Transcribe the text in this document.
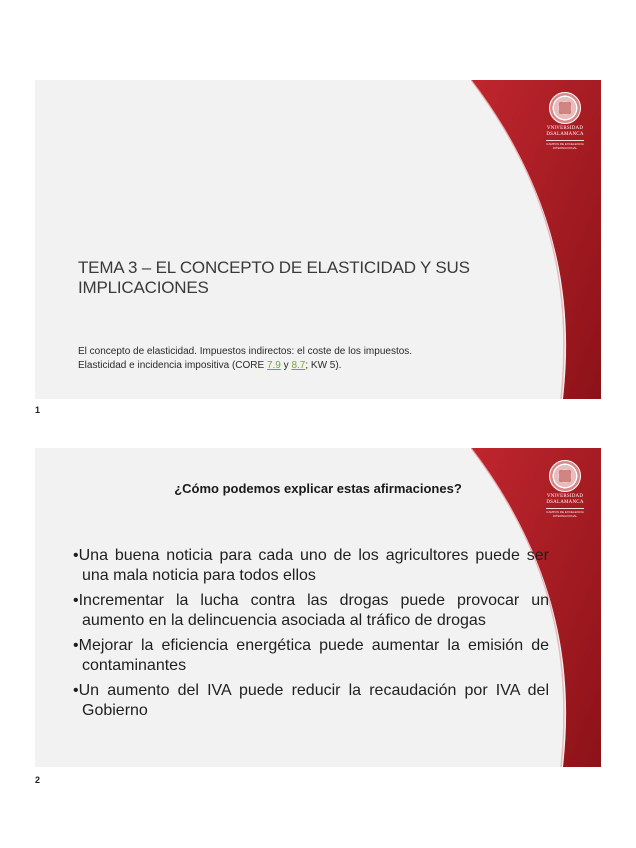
VNIVERSIDAD
DSALAMANCA
CAMPUS DE EXCELENCIA INTERNACIONAL
TEMA 3 – EL CONCEPTO DE ELASTICIDAD Y SUS IMPLICACIONES
El concepto de elasticidad. Impuestos indirectos: el coste de los impuestos.
Elasticidad e incidencia impositiva (CORE 7.9 y 8.7; KW 5).
1
VNIVERSIDAD
DSALAMANCA
CAMPUS DE EXCELENCIA INTERNACIONAL
¿Cómo podemos explicar estas afirmaciones?
• Una buena noticia para cada uno de los agricultores puede ser una mala noticia para todos ellos
• Incrementar la lucha contra las drogas puede provocar un aumento en la delincuencia asociada al tráfico de drogas
• Mejorar la eficiencia energética puede aumentar la emisión de contaminantes
• Un aumento del IVA puede reducir la recaudación por IVA del Gobierno
2
